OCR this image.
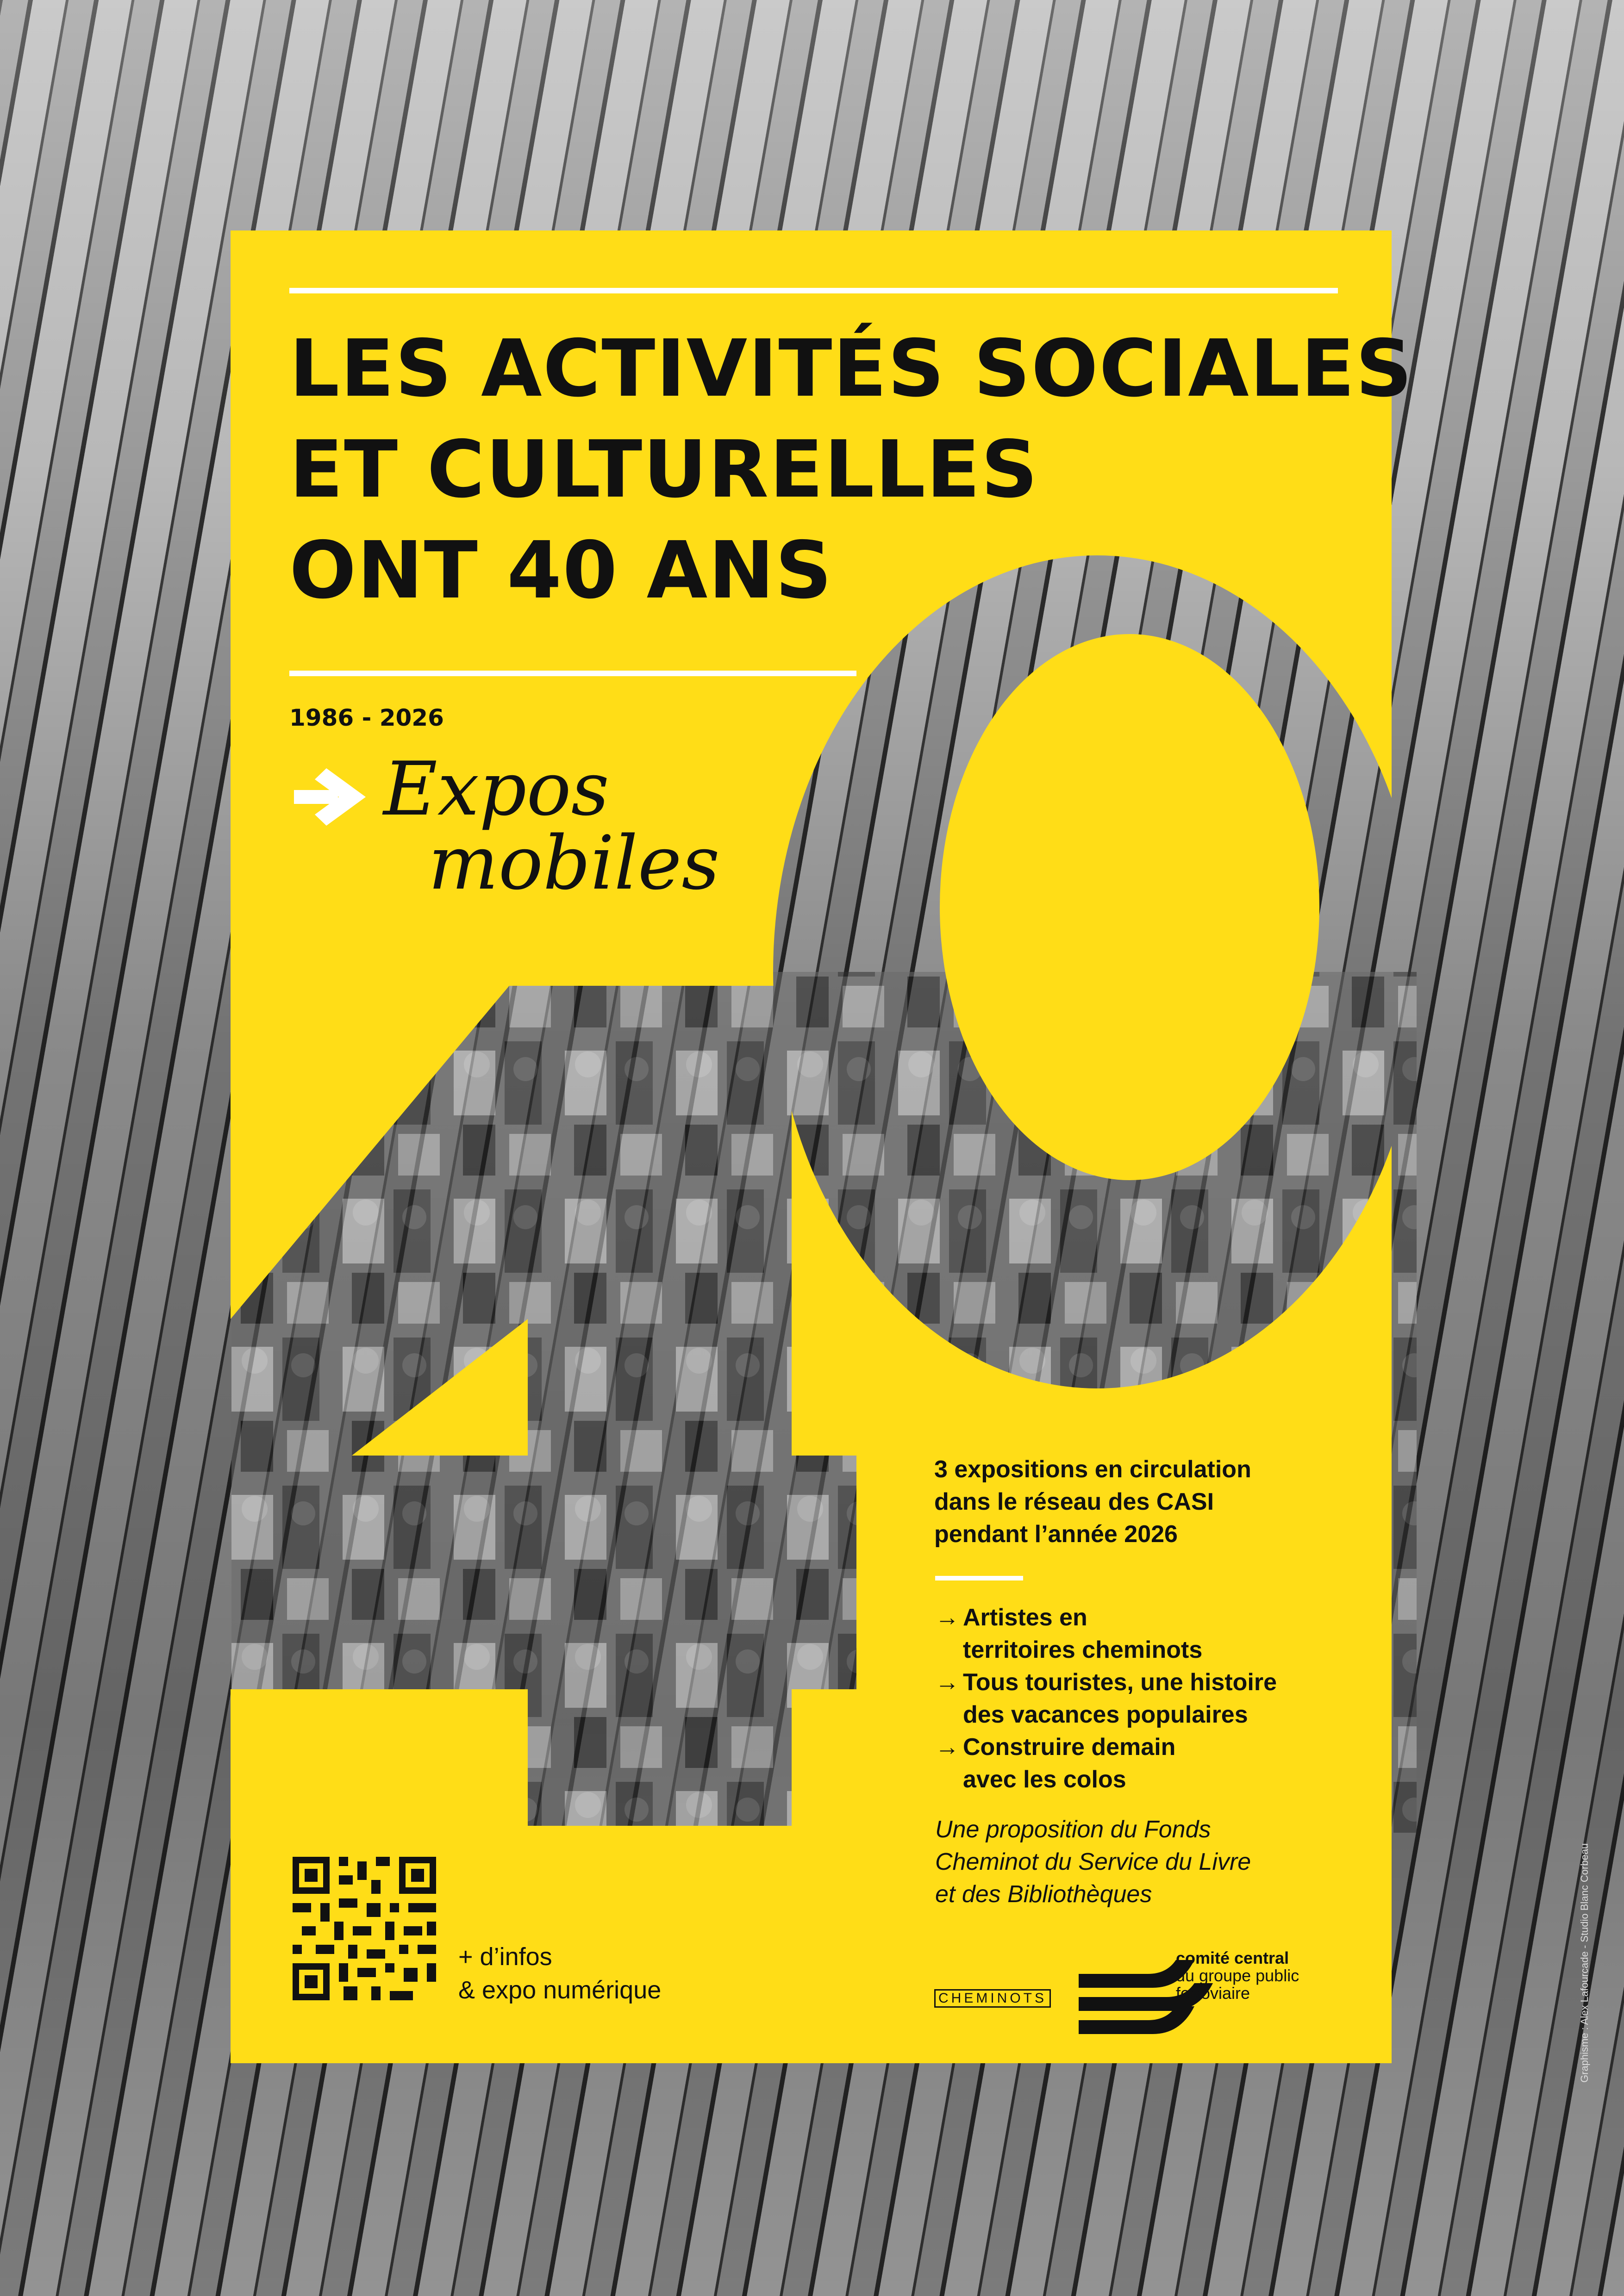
LES ACTIVITÉS SOCIALES
ET CULTURELLES
ONT 40 ANS
1986 - 2026
Expos
mobiles
3 expositions en circulation
dans le réseau des CASI
pendant l’année 2026
→ Artistes en
territoires cheminots
→ Tous touristes, une histoire
des vacances populaires
→ Construire demain
avec les colos
Une proposition du Fonds
Cheminot du Service du Livre
et des Bibliothèques
+ d’infos
& expo numérique	CHEMINOTS
comité central
du groupe public
ferroviaire	Graphisme : Alex Lafourcade - Studio Blanc Corbeau
